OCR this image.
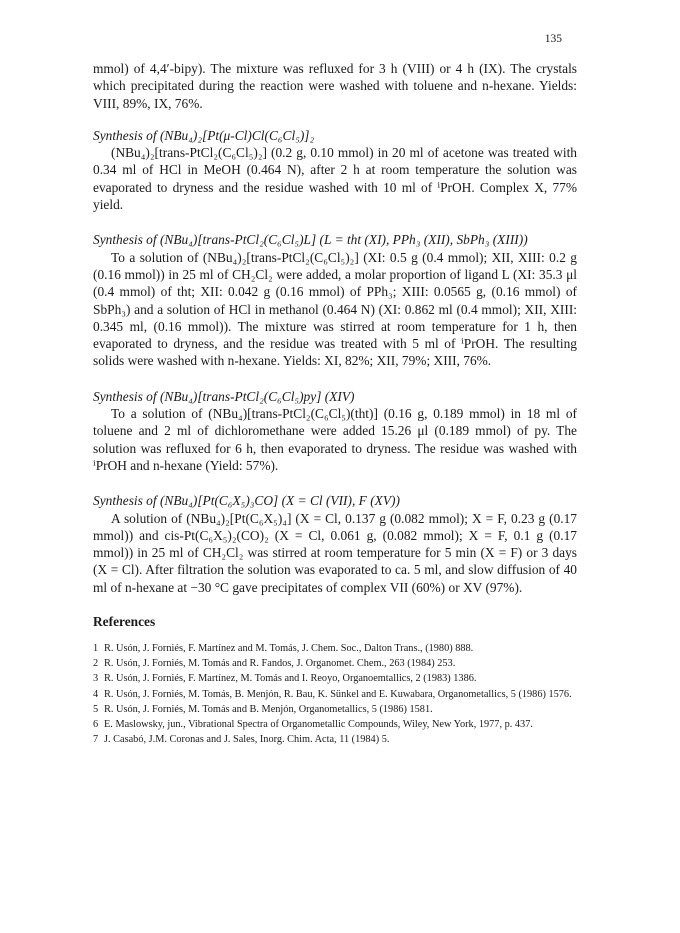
135

mmol) of 4,4′-bipy). The mixture was refluxed for 3 h (VIII) or 4 h (IX). The crystals which precipitated during the reaction were washed with toluene and n-hexane. Yields: VIII, 89%, IX, 76%.

Synthesis of (NBu₄)₂[Pt(μ-Cl)Cl(C₆Cl₅)]₂

(NBu₄)₂[trans-PtCl₂(C₆Cl₅)₂] (0.2 g, 0.10 mmol) in 20 ml of acetone was treated with 0.34 ml of HCl in MeOH (0.464 N), after 2 h at room temperature the solution was evaporated to dryness and the residue washed with 10 ml of ⁱPrOH. Complex X, 77% yield.

Synthesis of (NBu₄)[trans-PtCl₂(C₆Cl₅)L] (L = tht (XI), PPh₃ (XII), SbPh₃ (XIII))

To a solution of (NBu₄)₂[trans-PtCl₂(C₆Cl₅)₂] (XI: 0.5 g (0.4 mmol); XII, XIII: 0.2 g (0.16 mmol)) in 25 ml of CH₂Cl₂ were added, a molar proportion of ligand L (XI: 35.3 μl (0.4 mmol) of tht; XII: 0.042 g (0.16 mmol) of PPh₃; XIII: 0.0565 g, (0.16 mmol) of SbPh₃) and a solution of HCl in methanol (0.464 N) (XI: 0.862 ml (0.4 mmol); XII, XIII: 0.345 ml, (0.16 mmol)). The mixture was stirred at room temperature for 1 h, then evaporated to dryness, and the residue was treated with 5 ml of ⁱPrOH. The resulting solids were washed with n-hexane. Yields: XI, 82%; XII, 79%; XIII, 76%.

Synthesis of (NBu₄)[trans-PtCl₂(C₆Cl₅)py] (XIV)

To a solution of (NBu₄)[trans-PtCl₂(C₆Cl₅)(tht)] (0.16 g, 0.189 mmol) in 18 ml of toluene and 2 ml of dichloromethane were added 15.26 μl (0.189 mmol) of py. The solution was refluxed for 6 h, then evaporated to dryness. The residue was washed with ⁱPrOH and n-hexane (Yield: 57%).

Synthesis of (NBu₄)[Pt(C₆X₅)₃CO] (X = Cl (VII), F (XV))

A solution of (NBu₄)₂[Pt(C₆X₅)₄] (X = Cl, 0.137 g (0.082 mmol); X = F, 0.23 g (0.17 mmol)) and cis-Pt(C₆X₅)₂(CO)₂ (X = Cl, 0.061 g, (0.082 mmol); X = F, 0.1 g (0.17 mmol)) in 25 ml of CH₂Cl₂ was stirred at room temperature for 5 min (X = F) or 3 days (X = Cl). After filtration the solution was evaporated to ca. 5 ml, and slow diffusion of 40 ml of n-hexane at −30 °C gave precipitates of complex VII (60%) or XV (97%).

References
1 R. Usón, J. Forniés, F. Martínez and M. Tomás, J. Chem. Soc., Dalton Trans., (1980) 888.
2 R. Usón, J. Forniés, M. Tomás and R. Fandos, J. Organomet. Chem., 263 (1984) 253.
3 R. Usón, J. Forniés, F. Martínez, M. Tomás and I. Reoyo, Organoemtallics, 2 (1983) 1386.
4 R. Usón, J. Forniés, M. Tomás, B. Menjón, R. Bau, K. Sünkel and E. Kuwabara, Organometallics, 5 (1986) 1576.
5 R. Usón, J. Forniés, M. Tomás and B. Menjón, Organometallics, 5 (1986) 1581.
6 E. Maslowsky, jun., Vibrational Spectra of Organometallic Compounds, Wiley, New York, 1977, p. 437.
7 J. Casabó, J.M. Coronas and J. Sales, Inorg. Chim. Acta, 11 (1984) 5.
